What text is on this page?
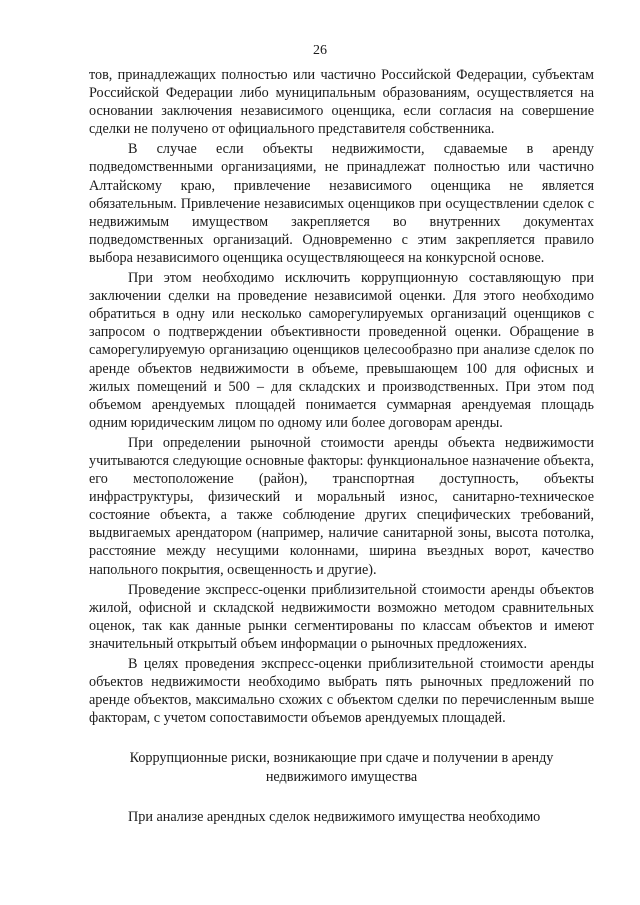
26

тов, принадлежащих полностью или частично Российской Федерации, субъектам Российской Федерации либо муниципальным образованиям, осуществляется на основании заключения независимого оценщика, если согласия на совершение сделки не получено от официального представителя собственника.

В случае если объекты недвижимости, сдаваемые в аренду подведомственными организациями, не принадлежат полностью или частично Алтайскому краю, привлечение независимого оценщика не является обязательным. Привлечение независимых оценщиков при осуществлении сделок с недвижимым имуществом закрепляется во внутренних документах подведомственных организаций. Одновременно с этим закрепляется правило выбора независимого оценщика осуществляющееся на конкурсной основе.

При этом необходимо исключить коррупционную составляющую при заключении сделки на проведение независимой оценки. Для этого необходимо обратиться в одну или несколько саморегулируемых организаций оценщиков с запросом о подтверждении объективности проведенной оценки. Обращение в саморегулируемую организацию оценщиков целесообразно при анализе сделок по аренде объектов недвижимости в объеме, превышающем 100 для офисных и жилых помещений и 500 – для складских и производственных. При этом под объемом арендуемых площадей понимается суммарная арендуемая площадь одним юридическим лицом по одному или более договорам аренды.

При определении рыночной стоимости аренды объекта недвижимости учитываются следующие основные факторы: функциональное назначение объекта, его местоположение (район), транспортная доступность, объекты инфраструктуры, физический и моральный износ, санитарно-техническое состояние объекта, а также соблюдение других специфических требований, выдвигаемых арендатором (например, наличие санитарной зоны, высота потолка, расстояние между несущими колоннами, ширина въездных ворот, качество напольного покрытия, освещенность и другие).

Проведение экспресс-оценки приблизительной стоимости аренды объектов жилой, офисной и складской недвижимости возможно методом сравнительных оценок, так как данные рынки сегментированы по классам объектов и имеют значительный открытый объем информации о рыночных предложениях.

В целях проведения экспресс-оценки приблизительной стоимости аренды объектов недвижимости необходимо выбрать пять рыночных предложений по аренде объектов, максимально схожих с объектом сделки по перечисленным выше факторам, с учетом сопоставимости объемов арендуемых площадей.

Коррупционные риски, возникающие при сдаче и получении в аренду недвижимого имущества

При анализе арендных сделок недвижимого имущества необходимо
